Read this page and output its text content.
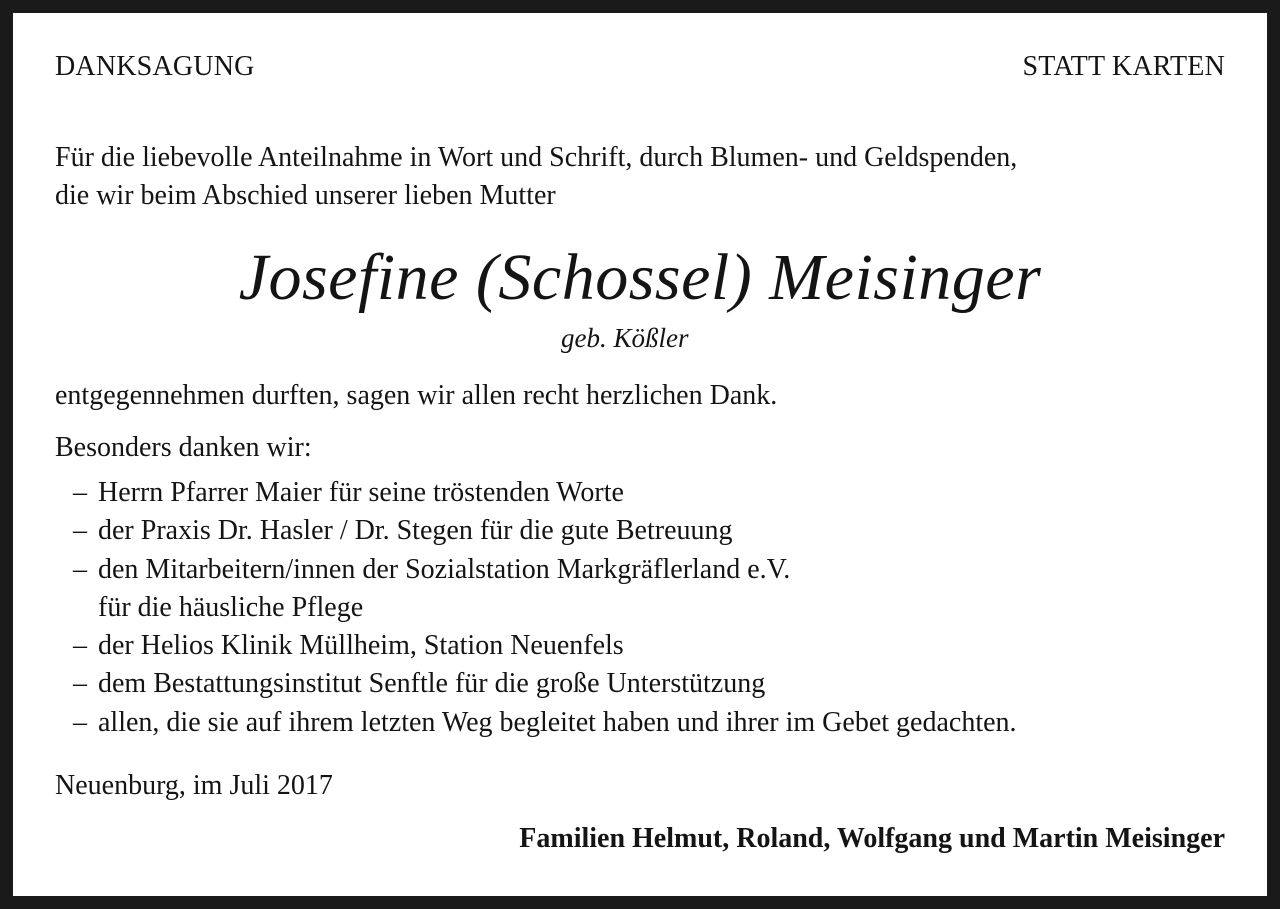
DANKSAGUNG	STATT KARTEN
Für die liebevolle Anteilnahme in Wort und Schrift, durch Blumen- und Geldspenden,
die wir beim Abschied unserer lieben Mutter
Josefine (Schossel) Meisinger
geb. Kößler
entgegennehmen durften, sagen wir allen recht herzlichen Dank.
Besonders danken wir:
– Herrn Pfarrer Maier für seine tröstenden Worte
– der Praxis Dr. Hasler / Dr. Stegen für die gute Betreuung
– den Mitarbeitern/innen der Sozialstation Markgräflerland e.V.
für die häusliche Pflege
– der Helios Klinik Müllheim, Station Neuenfels
– dem Bestattungsinstitut Senftle für die große Unterstützung
– allen, die sie auf ihrem letzten Weg begleitet haben und ihrer im Gebet gedachten.
Neuenburg, im Juli 2017
Familien Helmut, Roland, Wolfgang und Martin Meisinger
